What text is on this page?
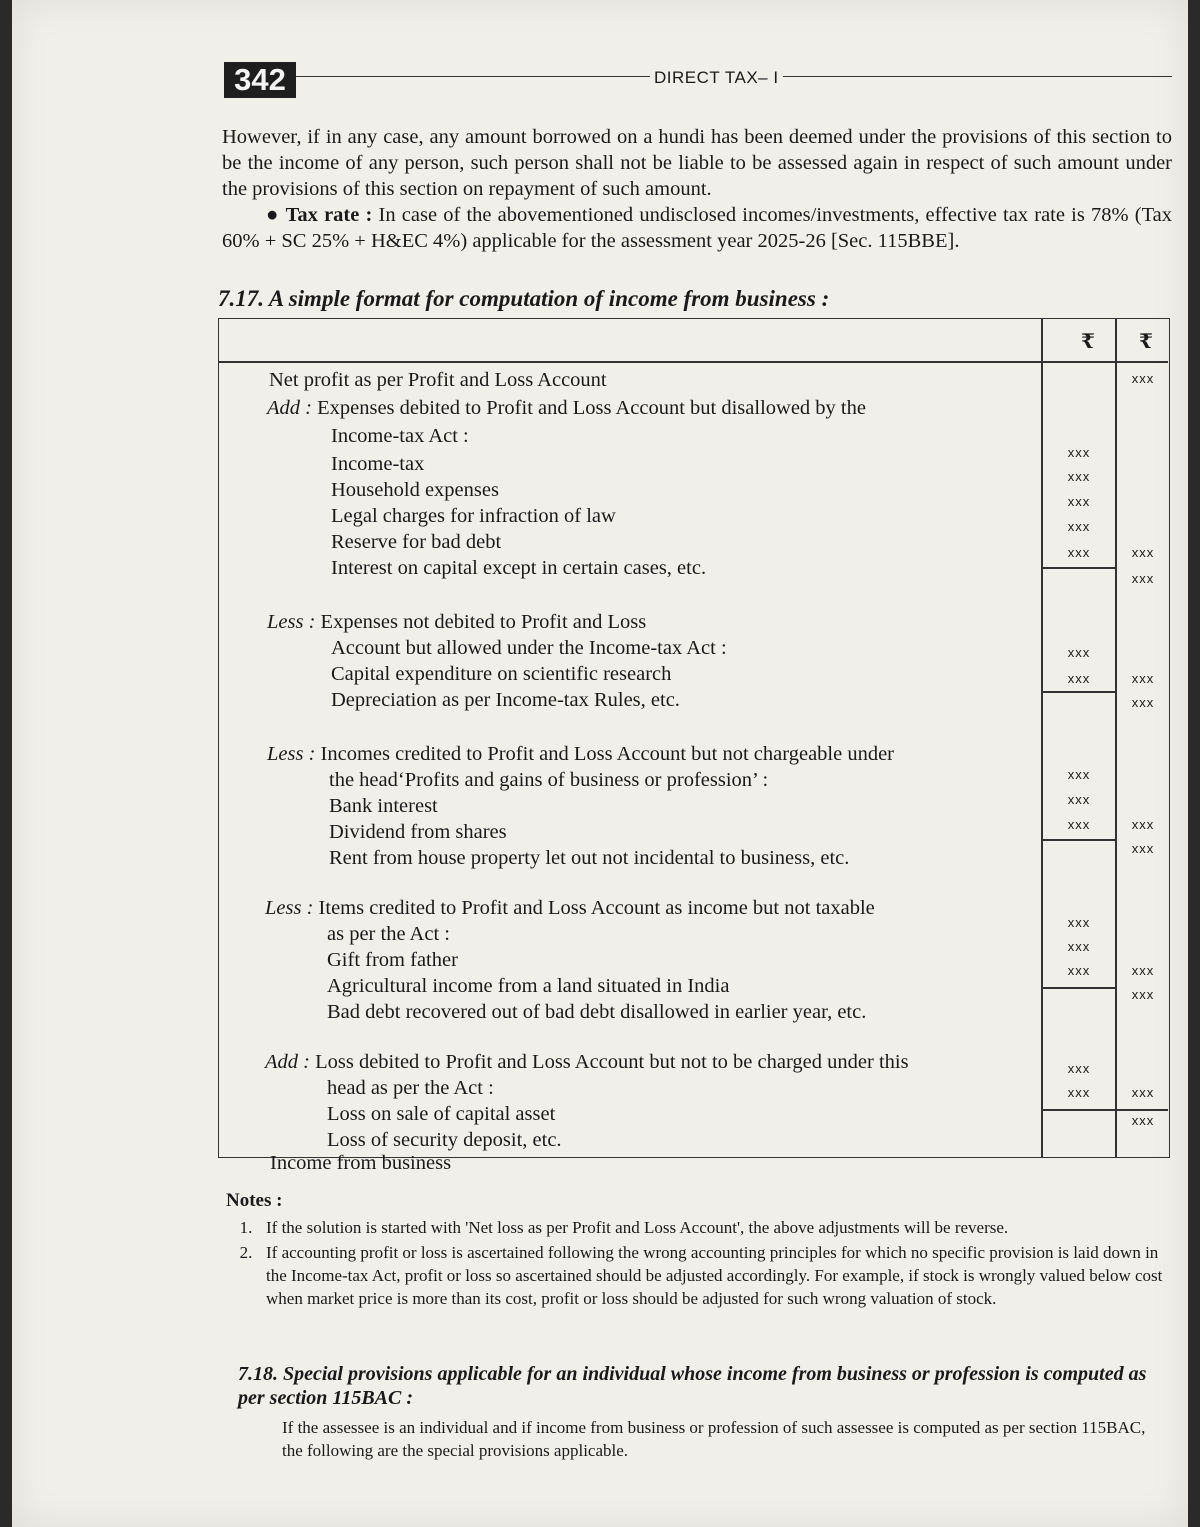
342	DIRECT TAX– I
However, if in any case, any amount borrowed on a hundi has been deemed under the provisions of this section to be the income of any person, such person shall not be liable to be assessed again in respect of such amount under the provisions of this section on repayment of such amount.
● Tax rate : In case of the abovementioned undisclosed incomes/investments, effective tax rate is 78% (Tax 60% + SC 25% + H&EC 4%) applicable for the assessment year 2025-26 [Sec. 115BBE].
7.17. A simple format for computation of income from business :
₹ ₹
Net profit as per Profit and Loss Account
Add : Expenses debited to Profit and Loss Account but disallowed by the
Income-tax Act :
Income-tax
Household expenses
Legal charges for infraction of law
Reserve for bad debt
Interest on capital except in certain cases, etc.
Less : Expenses not debited to Profit and Loss
Account but allowed under the Income-tax Act :
Capital expenditure on scientific research
Depreciation as per Income-tax Rules, etc.
Less : Incomes credited to Profit and Loss Account but not chargeable under
the head‘Profits and gains of business or profession’ :
Bank interest
Dividend from shares
Rent from house property let out not incidental to business, etc.
Less : Items credited to Profit and Loss Account as income but not taxable
as per the Act :
Gift from father
Agricultural income from a land situated in India
Bad debt recovered out of bad debt disallowed in earlier year, etc.
Add : Loss debited to Profit and Loss Account but not to be charged under this
head as per the Act :
Loss on sale of capital asset
Loss of security deposit, etc.
xxx
xxx
xxx
xxx
xxx
xxx
xxx
xxx
xxx
xxx
xxx
xxx
xxx
xxx
xxx
xxx
xxx
xxx
xxx
xxx
xxx
xxx
xxx
xxx
xxx
xxx
Income from business
Notes :
1. If the solution is started with 'Net loss as per Profit and Loss Account', the above adjustments will be reverse.
2. If accounting profit or loss is ascertained following the wrong accounting principles for which no specific provision is laid down in the Income-tax Act, profit or loss so ascertained should be adjusted accordingly. For example, if stock is wrongly valued below cost when market price is more than its cost, profit or loss should be adjusted for such wrong valuation of stock.
7.18. Special provisions applicable for an individual whose income from business or profession is computed as per section 115BAC :
If the assessee is an individual and if income from business or profession of such assessee is computed as per section 115BAC, the following are the special provisions applicable.
